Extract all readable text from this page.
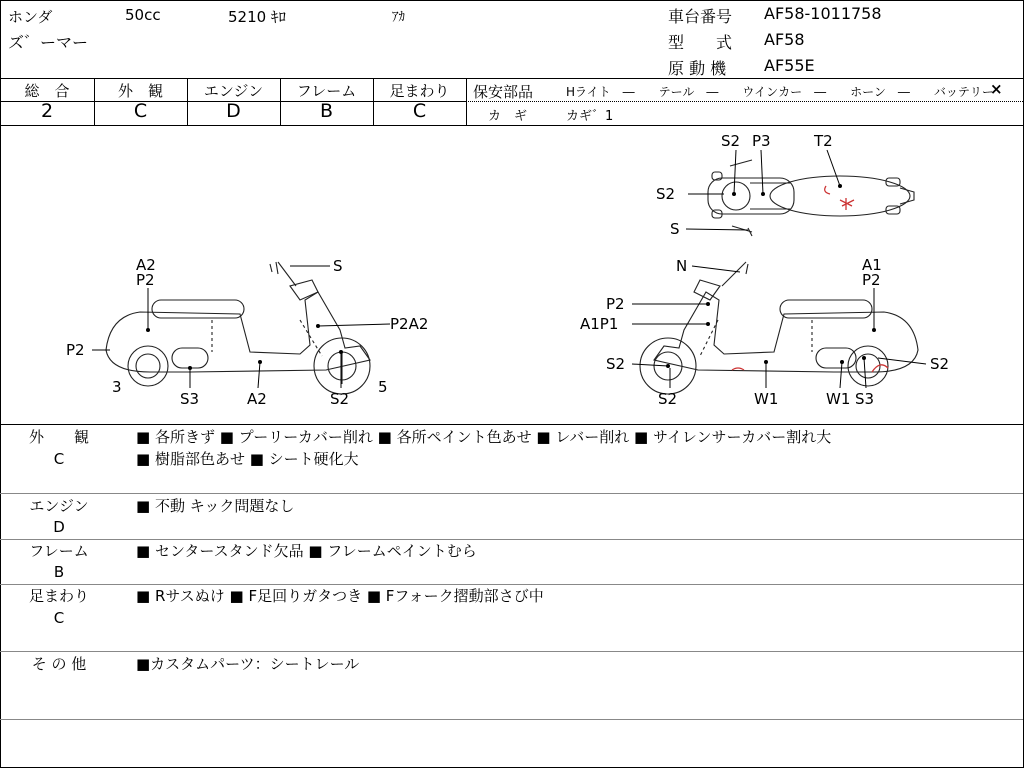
ホンダ	50cc	5210 ｷﾛ	ｱｶ
ズ゛ーマー
車台番号 AF58-1011758
型　　式 AF58
原 動 機 AF55E
総　合	外　観	エンジン	フレーム	足まわり
2	C	D	B	C
保安部品	Hライト　―　　テール　―　　ウインカー　―　　ホーン　―　　バッテリー
×
カ　ギ	カギ゛1
S2 P3	T2
S2
S
A2
P2
S
P2A2
P2
3
S3	A2	S2
5
N	A1
P2
P2
A1P1
S2
S2
S2
W1	W1 S3
外　　観
C
■ 各所きず ■ プーリーカバー削れ ■ 各所ペイント色あせ ■ レバー削れ ■ サイレンサーカバー割れ大
■ 樹脂部色あせ ■ シート硬化大
エンジン
D
■ 不動 キック問題なし
フレーム
B
■ センタースタンド欠品 ■ フレームペイントむら
足まわり
C
■ Rサスぬけ ■ F足回りガタつき ■ Fフォーク摺動部さび中
そ の 他	■カスタムパーツ：シートレール
